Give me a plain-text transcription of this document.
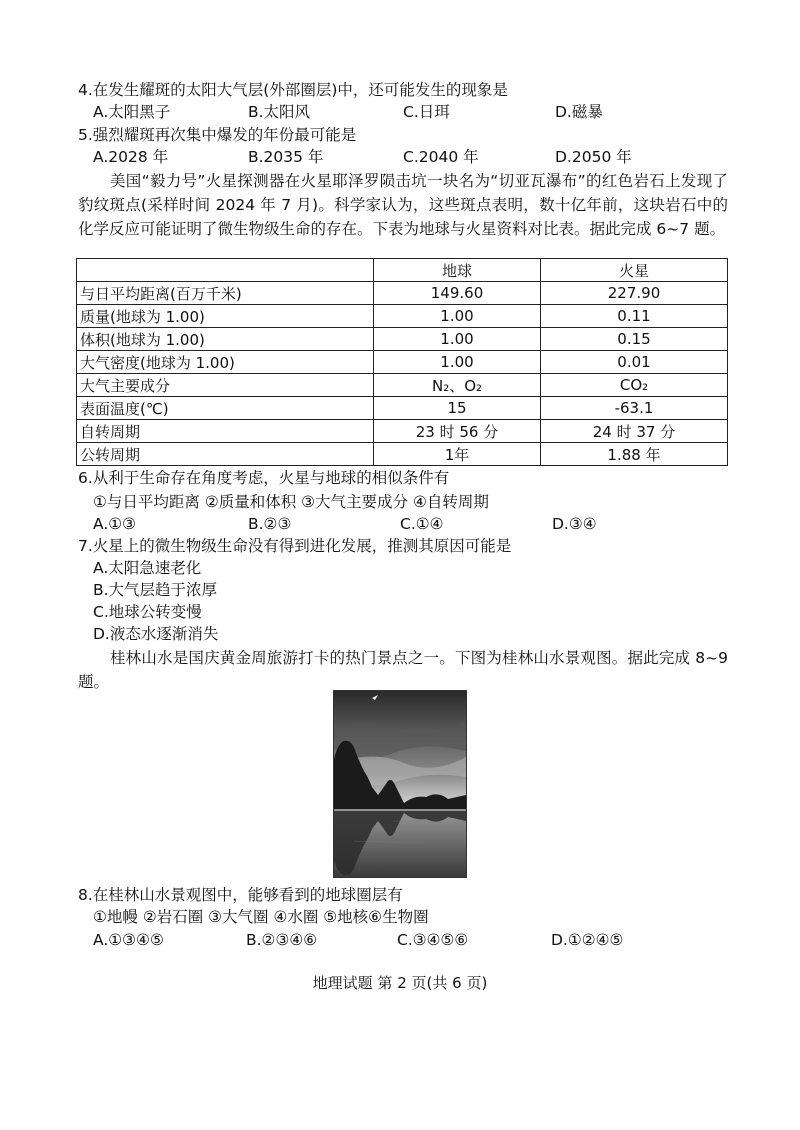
4.在发生耀斑的太阳大气层(外部圈层)中，还可能发生的现象是
A.太阳黑子	B.太阳风	C.日珥	D.磁暴
5.强烈耀斑再次集中爆发的年份最可能是
A.2028 年	B.2035 年	C.2040 年	D.2050 年
美国“毅力号”火星探测器在火星耶泽罗陨击坑一块名为“切亚瓦瀑布”的红色岩石上发现了豹纹斑点(采样时间 2024 年 7 月)。科学家认为，这些斑点表明，数十亿年前，这块岩石中的化学反应可能证明了微生物级生命的存在。下表为地球与火星资料对比表。据此完成 6~7 题。
	地球	火星
与日平均距离(百万千米)	149.60	227.90
质量(地球为 1.00)	1.00	0.11
体积(地球为 1.00)	1.00	0.15
大气密度(地球为 1.00)	1.00	0.01
大气主要成分	N₂、O₂	CO₂
表面温度(℃)	15	-63.1
自转周期	23 时 56 分	24 时 37 分
公转周期	1年	1.88 年
6.从利于生命存在角度考虑，火星与地球的相似条件有
①与日平均距离 ②质量和体积 ③大气主要成分 ④自转周期
A.①③	B.②③	C.①④	D.③④
7.火星上的微生物级生命没有得到进化发展，推测其原因可能是
A.太阳急速老化
B.大气层趋于浓厚
C.地球公转变慢
D.液态水逐渐消失
桂林山水是国庆黄金周旅游打卡的热门景点之一。下图为桂林山水景观图。据此完成 8~9 题。
8.在桂林山水景观图中，能够看到的地球圈层有
①地幔 ②岩石圈 ③大气圈 ④水圈 ⑤地核⑥生物圈
A.①③④⑤	B.②③④⑥	C.③④⑤⑥	D.①②④⑤
地理试题 第 2 页(共 6 页)
